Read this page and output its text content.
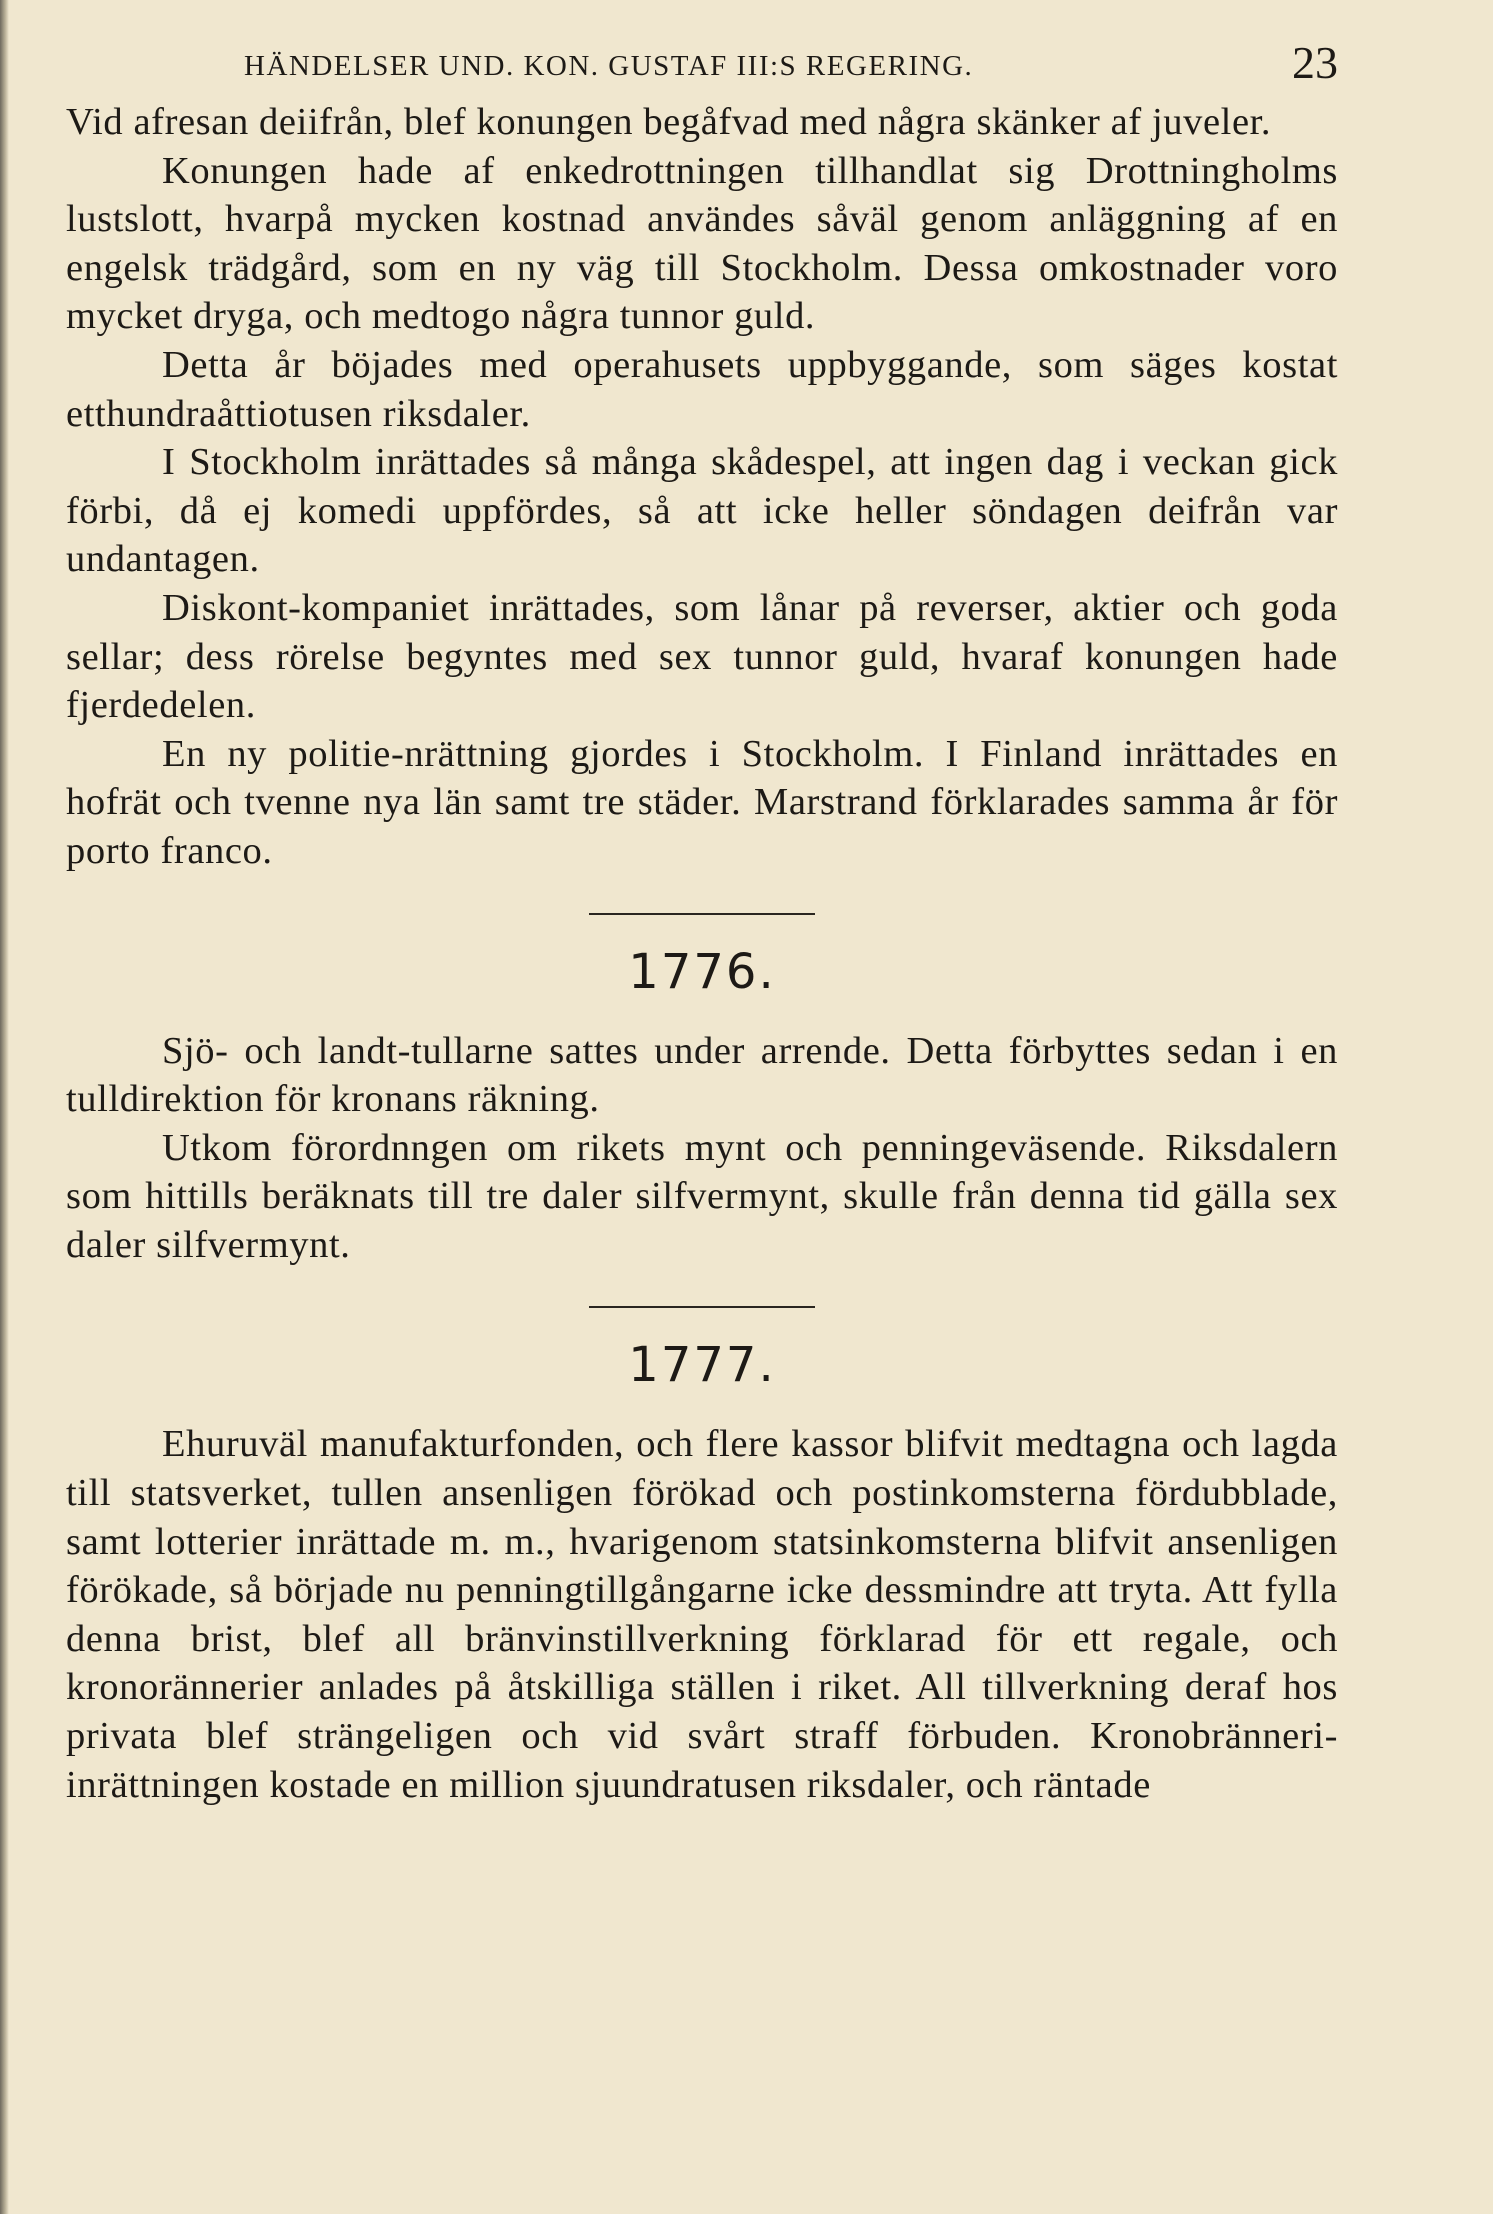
HÄNDELSER UND. KON. GUSTAF III:S REGERING.	23

Vid afresan deiifrån, blef konungen begåfvad med några skänker af juveler.

Konungen hade af enkedrottningen tillhandlat sig Drottningholms lustslott, hvarpå mycken kostnad användes såväl genom anläggning af en engelsk trädgård, som en ny väg till Stockholm. Dessa omkostnader voro mycket dryga, och medtogo några tunnor guld.

Detta år böjades med operahusets uppbyggande, som säges kostat etthundraåttiotusen riksdaler.

I Stockholm inrättades så många skådespel, att ingen dag i veckan gick förbi, då ej komedi uppfördes, så att icke heller söndagen deifrån var undantagen.

Diskont-kompaniet inrättades, som lånar på reverser, aktier och goda sellar; dess rörelse begyntes med sex tunnor guld, hvaraf konungen hade fjerdedelen.

En ny politie-nrättning gjordes i Stockholm. I Finland inrättades en hofrät och tvenne nya län samt tre städer. Marstrand förklarades samma år för porto franco.

1776.

Sjö- och landt-tullarne sattes under arrende. Detta förbyttes sedan i en tulldirektion för kronans räkning.

Utkom förordnngen om rikets mynt och penningeväsende. Riksdalern som hittills beräknats till tre daler silfvermynt, skulle från denna tid gälla sex daler silfvermynt.

1777.

Ehuruväl manufakturfonden, och flere kassor blifvit medtagna och lagda till statsverket, tullen ansenligen förökad och postinkomsterna fördubblade, samt lotterier inrättade m. m., hvarigenom statsinkomsterna blifvit ansenligen förökade, så började nu penningtillgångarne icke dessmindre att tryta. Att fylla denna brist, blef all bränvinstillverkning förklarad för ett regale, och kronorännerier anlades på åtskilliga ställen i riket. All tillverkning deraf hos privata blef strängeligen och vid svårt straff förbuden. Kronobränneri-inrättningen kostade en million sjuundratusen riksdaler, och räntade
